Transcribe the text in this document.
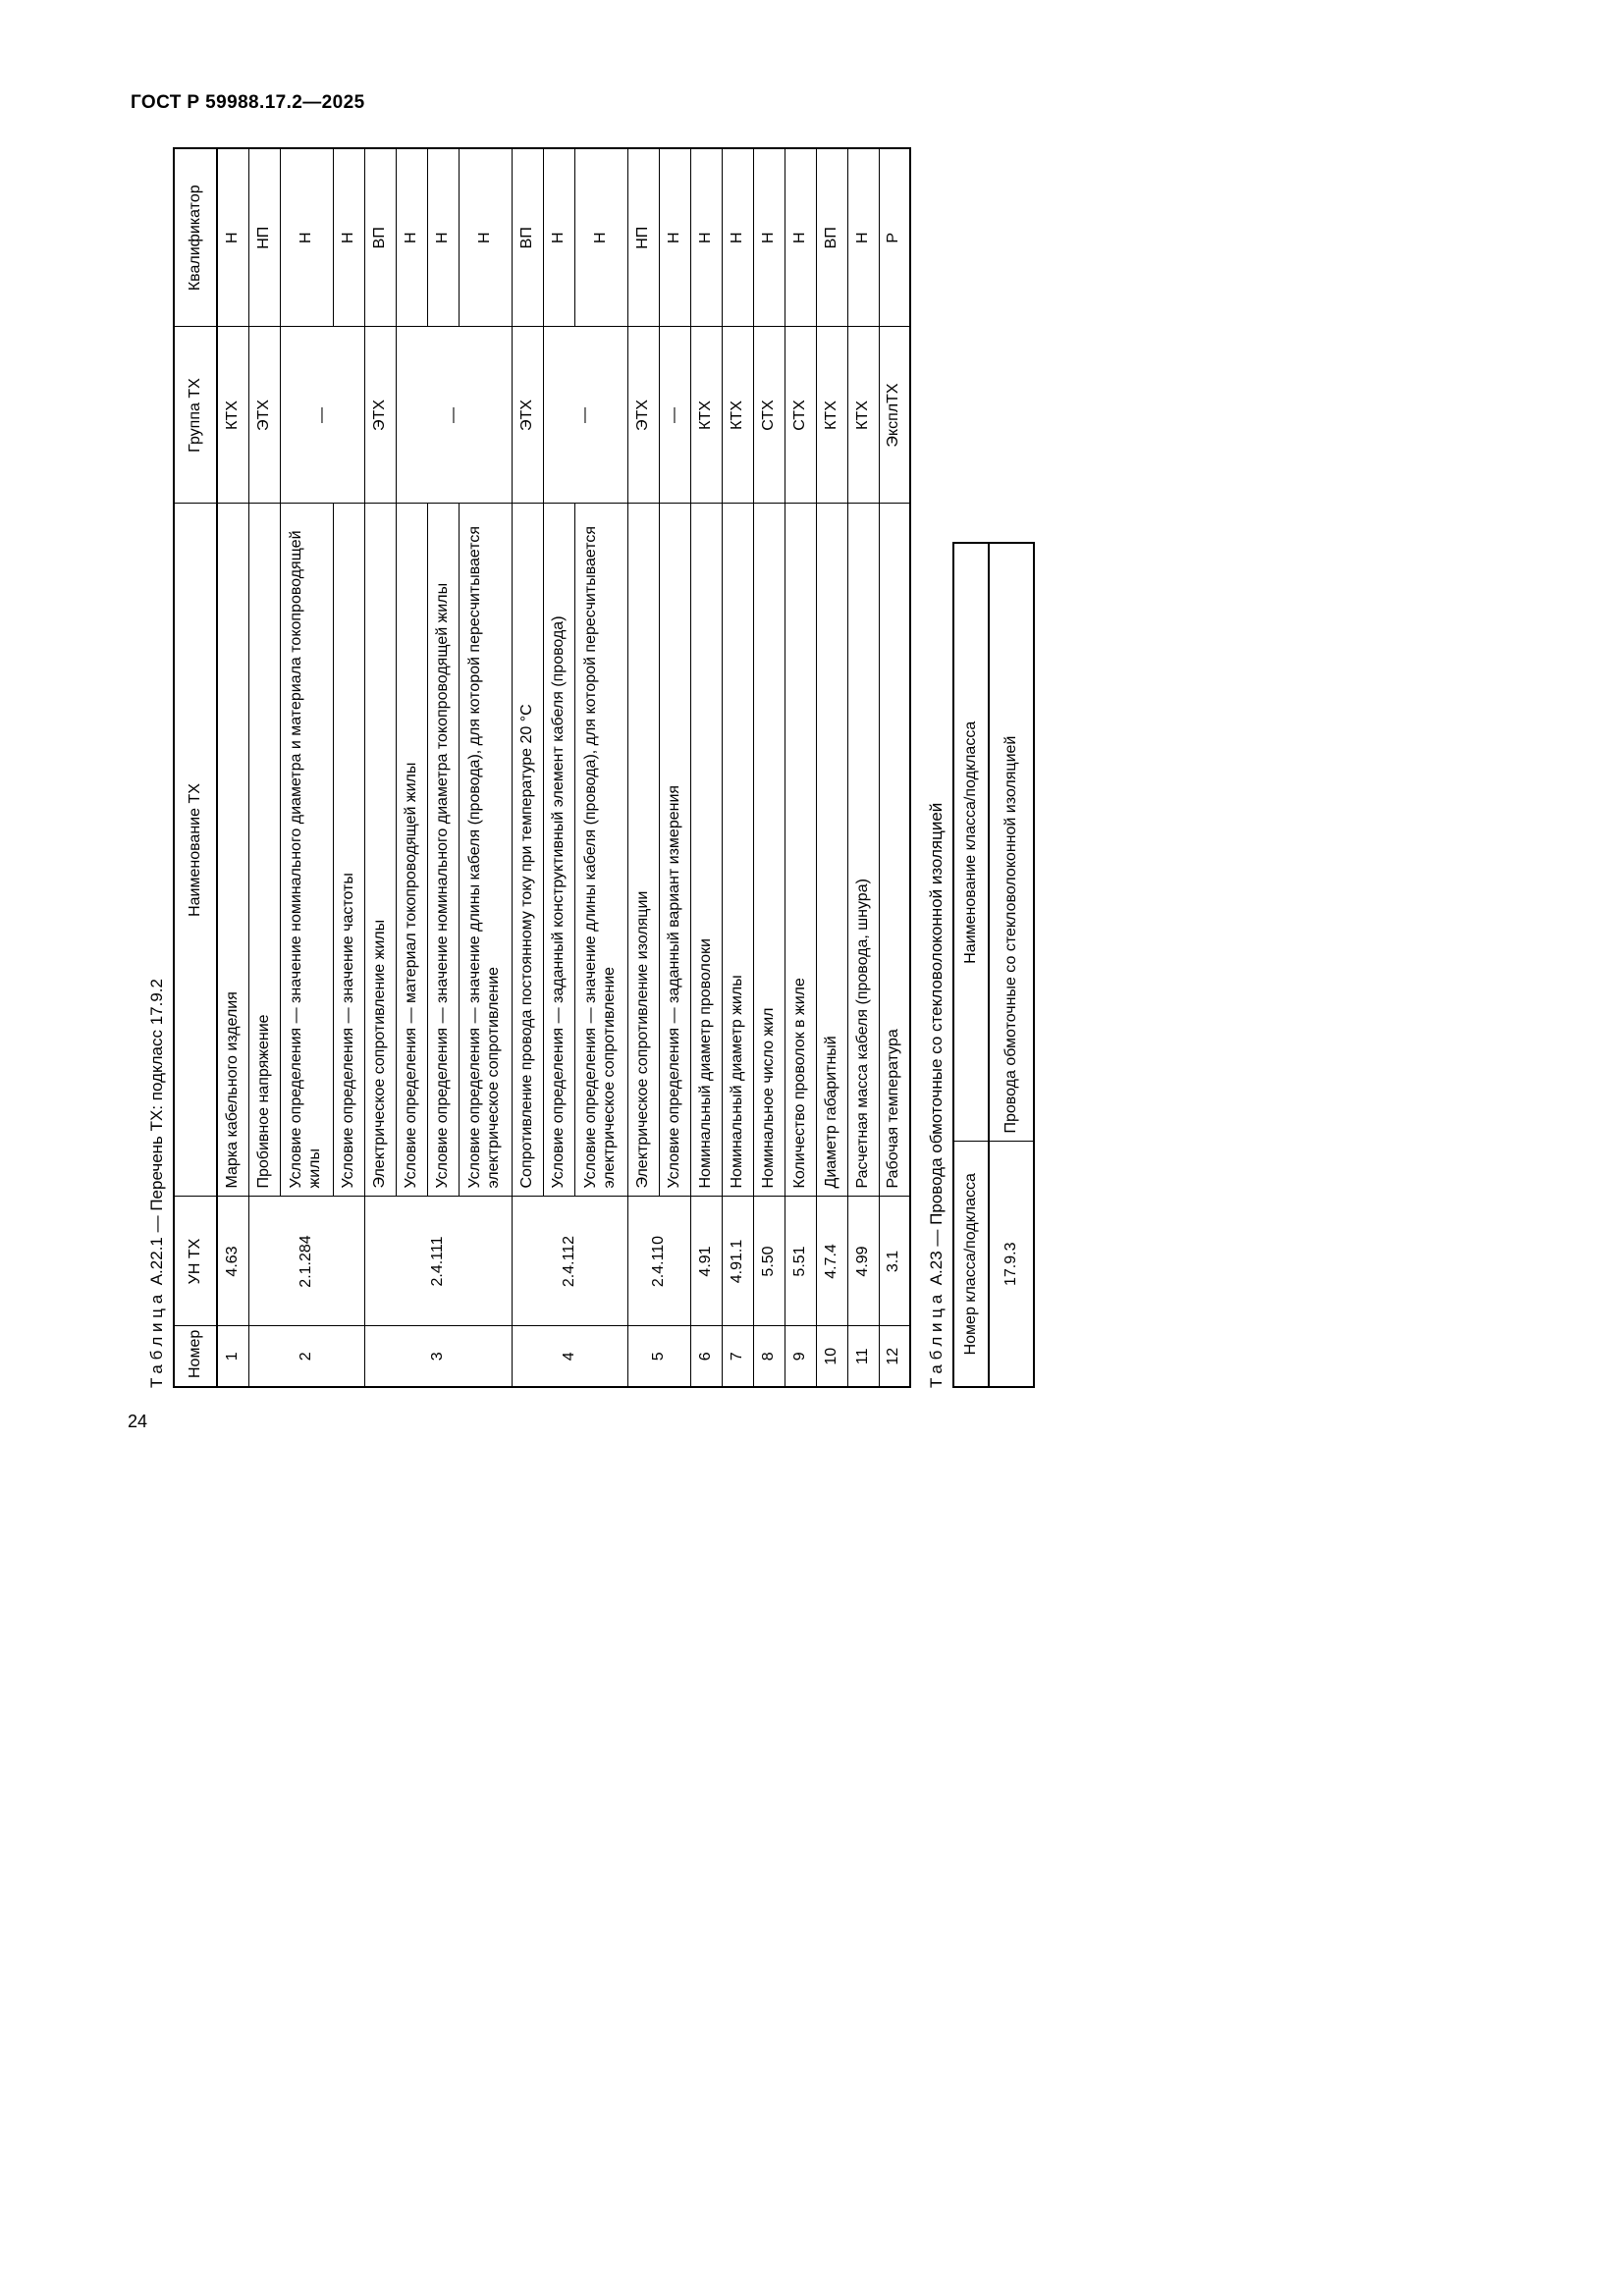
ГОСТ Р 59988.17.2—2025
24
Таблица А.22.1 — Перечень ТХ: подкласс 17.9.2
Номер	УН ТХ	Наименование ТХ	Группа ТХ	Квалификатор
1	4.63	Марка кабельного изделия	КТХ	Н
2	2.1.284	Пробивное напряжение	ЭТХ	НП
		Условие определения — значение номинального диаметра и материала токопроводящей жилы	—	Н
		Условие определения — значение частоты		Н
3	2.4.111	Электрическое сопротивление жилы	ЭТХ	ВП
		Условие определения — материал токопроводящей жилы	—	Н
		Условие определения — значение номинального диаметра токопроводящей жилы		Н
		Условие определения — значение длины кабеля (провода), для которой пересчитывается электрическое сопротивление		Н
4	2.4.112	Сопротивление провода постоянному току при температуре 20 °С	ЭТХ	ВП
		Условие определения — заданный конструктивный элемент кабеля (провода)	—	Н
		Условие определения — значение длины кабеля (провода), для которой пересчитывается электрическое сопротивление		Н
5	2.4.110	Электрическое сопротивление изоляции	ЭТХ	НП
		Условие определения — заданный вариант измерения	—	Н
6	4.91	Номинальный диаметр проволоки	КТХ	Н
7	4.91.1	Номинальный диаметр жилы	КТХ	Н
8	5.50	Номинальное число жил	СТХ	Н
9	5.51	Количество проволок в жиле	СТХ	Н
10	4.7.4	Диаметр габаритный	КТХ	ВП
11	4.99	Расчетная масса кабеля (провода, шнура)	КТХ	Н
12	3.1	Рабочая температура	ЭксплТХ	Р
Таблица А.23 — Провода обмоточные со стекловолоконной изоляцией Номер класса/подкласса	Наименование класса/подкласса
17.9.3	Провода обмоточные со стекловолоконной изоляцией
